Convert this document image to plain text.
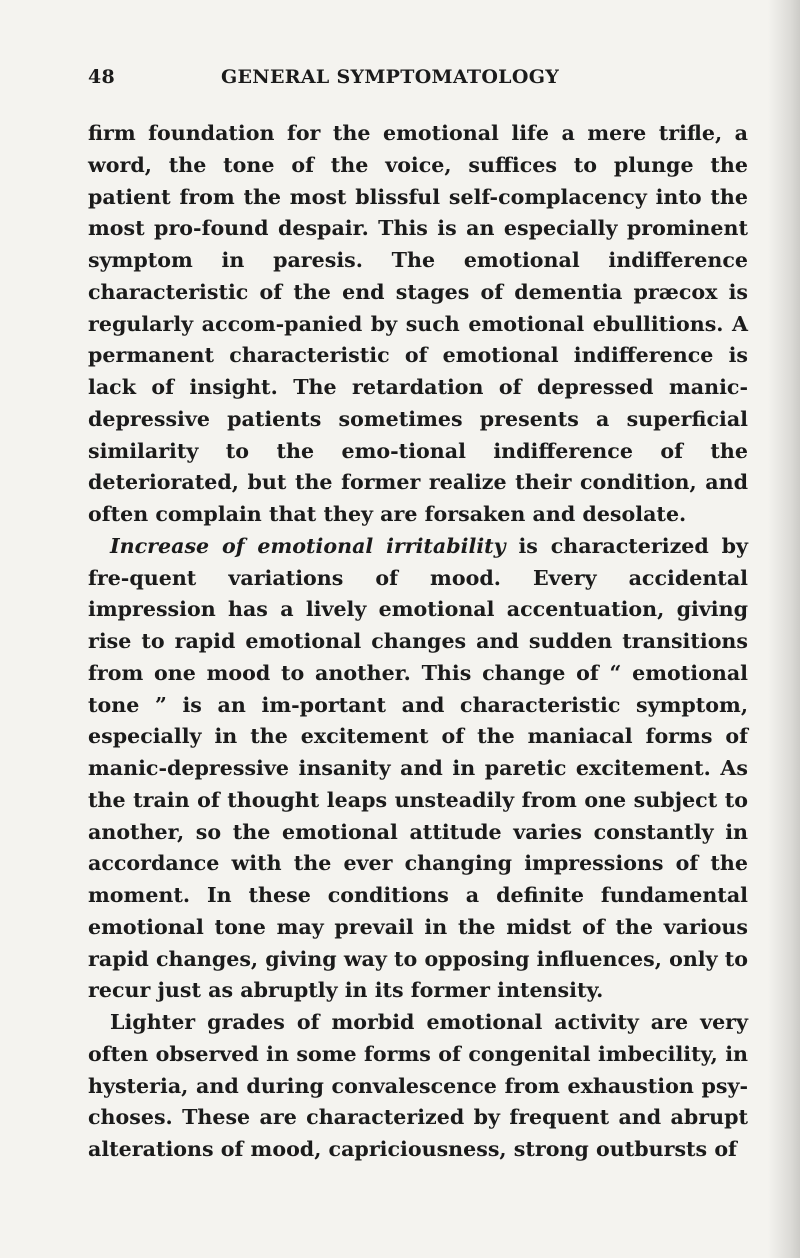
48	GENERAL SYMPTOMATOLOGY

firm foundation for the emotional life a mere trifle, a word, the tone of the voice, suffices to plunge the patient from the most blissful self-complacency into the most pro-found despair. This is an especially prominent symptom in paresis. The emotional indifference characteristic of the end stages of dementia præcox is regularly accom-panied by such emotional ebullitions. A permanent characteristic of emotional indifference is lack of insight. The retardation of depressed manic-depressive patients sometimes presents a superficial similarity to the emo-tional indifference of the deteriorated, but the former realize their condition, and often complain that they are forsaken and desolate.

Increase of emotional irritability is characterized by fre-quent variations of mood. Every accidental impression has a lively emotional accentuation, giving rise to rapid emotional changes and sudden transitions from one mood to another. This change of “ emotional tone ” is an im-portant and characteristic symptom, especially in the excitement of the maniacal forms of manic-depressive insanity and in paretic excitement. As the train of thought leaps unsteadily from one subject to another, so the emotional attitude varies constantly in accordance with the ever changing impressions of the moment. In these conditions a definite fundamental emotional tone may prevail in the midst of the various rapid changes, giving way to opposing influences, only to recur just as abruptly in its former intensity.

Lighter grades of morbid emotional activity are very often observed in some forms of congenital imbecility, in hysteria, and during convalescence from exhaustion psy-choses. These are characterized by frequent and abrupt alterations of mood, capriciousness, strong outbursts of
